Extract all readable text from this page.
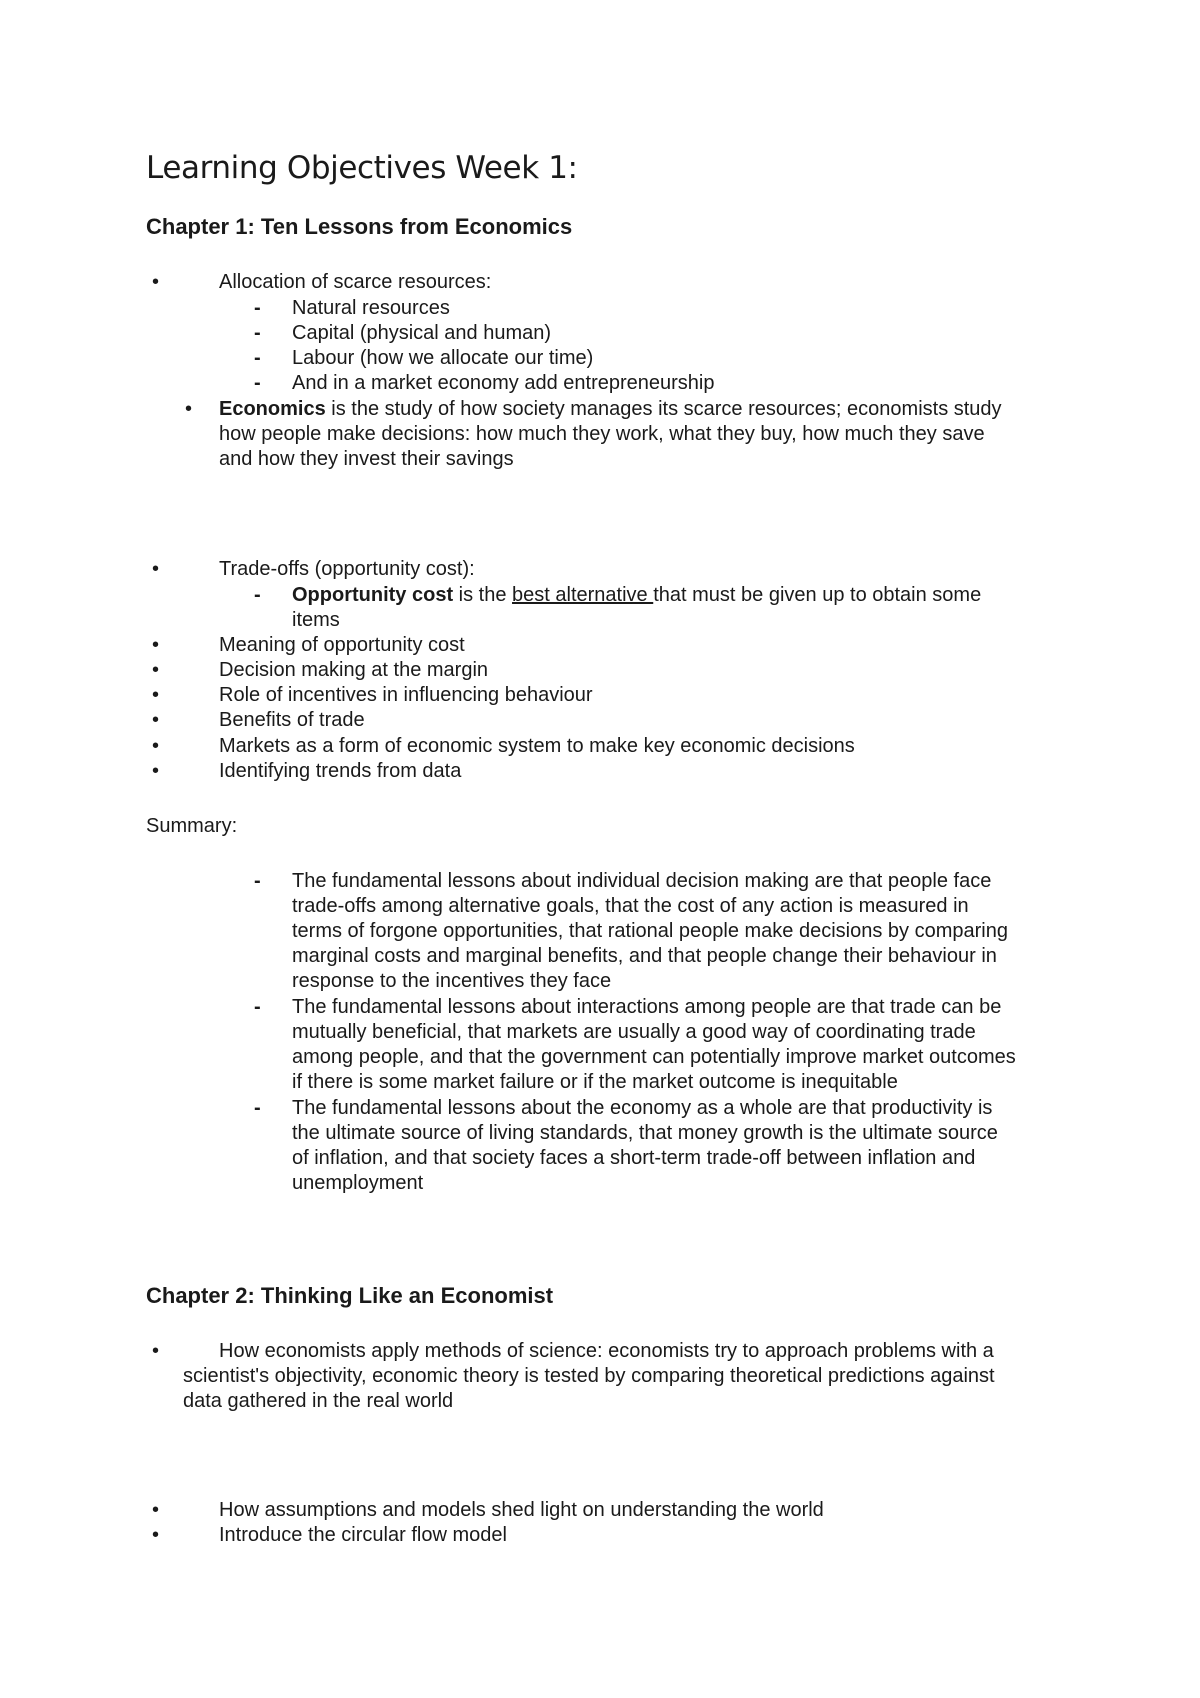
Learning Objectives Week 1:
Chapter 1: Ten Lessons from Economics
•	Allocation of scarce resources:
- Natural resources
- Capital (physical and human)
- Labour (how we allocate our time)
- And in a market economy add entrepreneurship
• Economics is the study of how society manages its scarce resources; economists study
how people make decisions: how much they work, what they buy, how much they save
and how they invest their savings
•	Trade-offs (opportunity cost):
- Opportunity cost is the best alternative that must be given up to obtain some
items
•	Meaning of opportunity cost
•	Decision making at the margin
•	Role of incentives in influencing behaviour
•	Benefits of trade
•	Markets as a form of economic system to make key economic decisions
•	Identifying trends from data
Summary:
- The fundamental lessons about individual decision making are that people face
trade-offs among alternative goals, that the cost of any action is measured in
terms of forgone opportunities, that rational people make decisions by comparing
marginal costs and marginal benefits, and that people change their behaviour in
response to the incentives they face
- The fundamental lessons about interactions among people are that trade can be
mutually beneficial, that markets are usually a good way of coordinating trade
among people, and that the government can potentially improve market outcomes
if there is some market failure or if the market outcome is inequitable
- The fundamental lessons about the economy as a whole are that productivity is
the ultimate source of living standards, that money growth is the ultimate source
of inflation, and that society faces a short-term trade-off between inflation and
unemployment
Chapter 2: Thinking Like an Economist
•	How economists apply methods of science: economists try to approach problems with a
scientist's objectivity, economic theory is tested by comparing theoretical predictions against
data gathered in the real world
•	How assumptions and models shed light on understanding the world
•	Introduce the circular flow model
